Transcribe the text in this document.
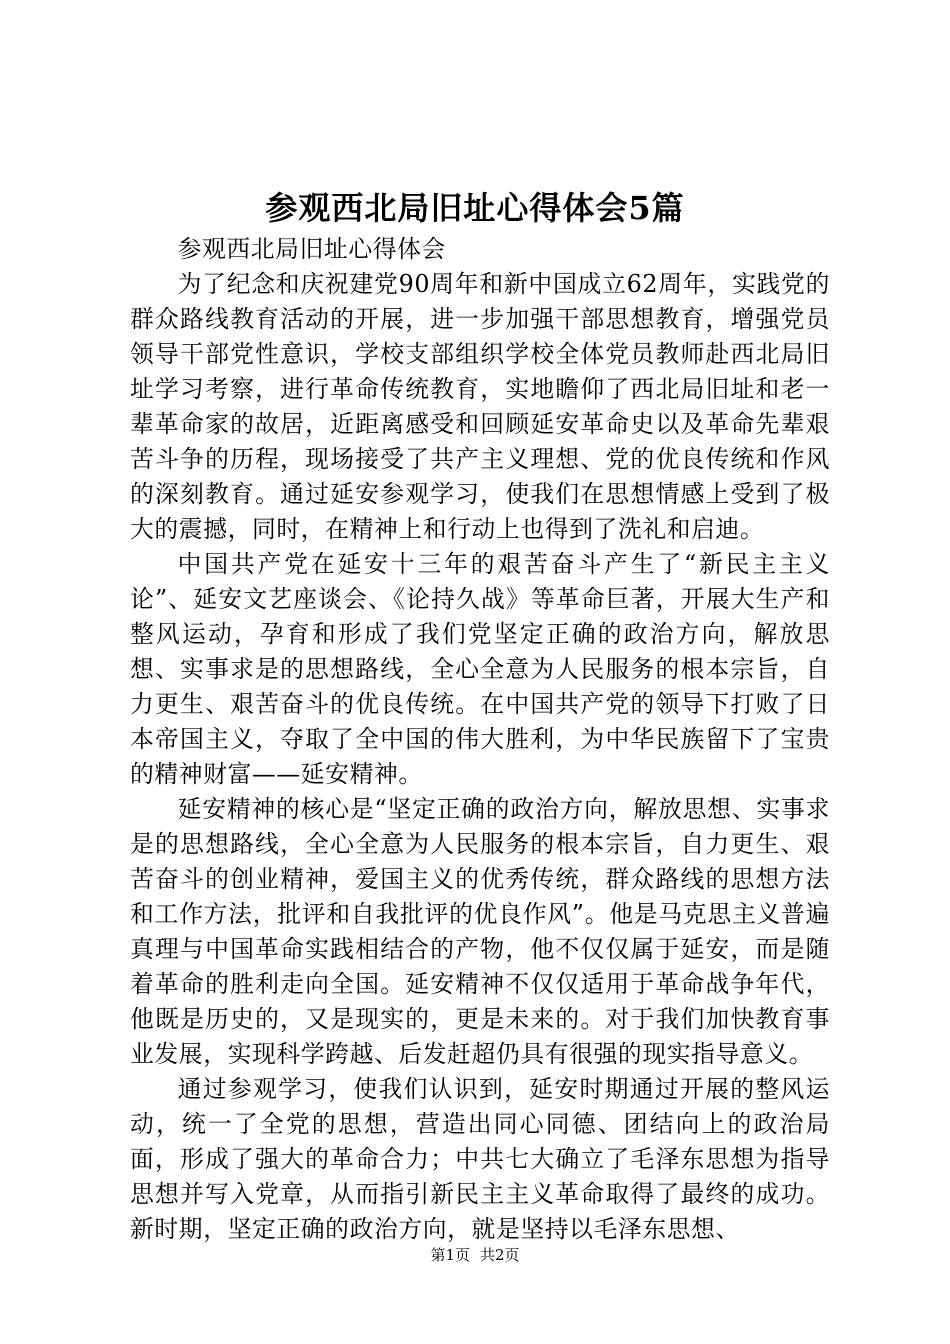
参观西北局旧址心得体会5篇

参观西北局旧址心得体会

为了纪念和庆祝建党90周年和新中国成立62周年，实践党的群众路线教育活动的开展，进一步加强干部思想教育，增强党员领导干部党性意识，学校支部组织学校全体党员教师赴西北局旧址学习考察，进行革命传统教育，实地瞻仰了西北局旧址和老一辈革命家的故居，近距离感受和回顾延安革命史以及革命先辈艰苦斗争的历程，现场接受了共产主义理想、党的优良传统和作风的深刻教育。通过延安参观学习，使我们在思想情感上受到了极大的震撼，同时，在精神上和行动上也得到了洗礼和启迪。

中国共产党在延安十三年的艰苦奋斗产生了“新民主主义论”、延安文艺座谈会、《论持久战》等革命巨著，开展大生产和整风运动，孕育和形成了我们党坚定正确的政治方向，解放思想、实事求是的思想路线，全心全意为人民服务的根本宗旨，自力更生、艰苦奋斗的优良传统。在中国共产党的领导下打败了日本帝国主义，夺取了全中国的伟大胜利，为中华民族留下了宝贵的精神财富——延安精神。

延安精神的核心是“坚定正确的政治方向，解放思想、实事求是的思想路线，全心全意为人民服务的根本宗旨，自力更生、艰苦奋斗的创业精神，爱国主义的优秀传统，群众路线的思想方法和工作方法，批评和自我批评的优良作风”。他是马克思主义普遍真理与中国革命实践相结合的产物，他不仅仅属于延安，而是随着革命的胜利走向全国。延安精神不仅仅适用于革命战争年代，他既是历史的，又是现实的，更是未来的。对于我们加快教育事业发展，实现科学跨越、后发赶超仍具有很强的现实指导意义。

通过参观学习，使我们认识到，延安时期通过开展的整风运动，统一了全党的思想，营造出同心同德、团结向上的政治局面，形成了强大的革命合力；中共七大确立了毛泽东思想为指导思想并写入党章，从而指引新民主主义革命取得了最终的成功。新时期，坚定正确的政治方向，就是坚持以毛泽东思想、

第1页 共2页
